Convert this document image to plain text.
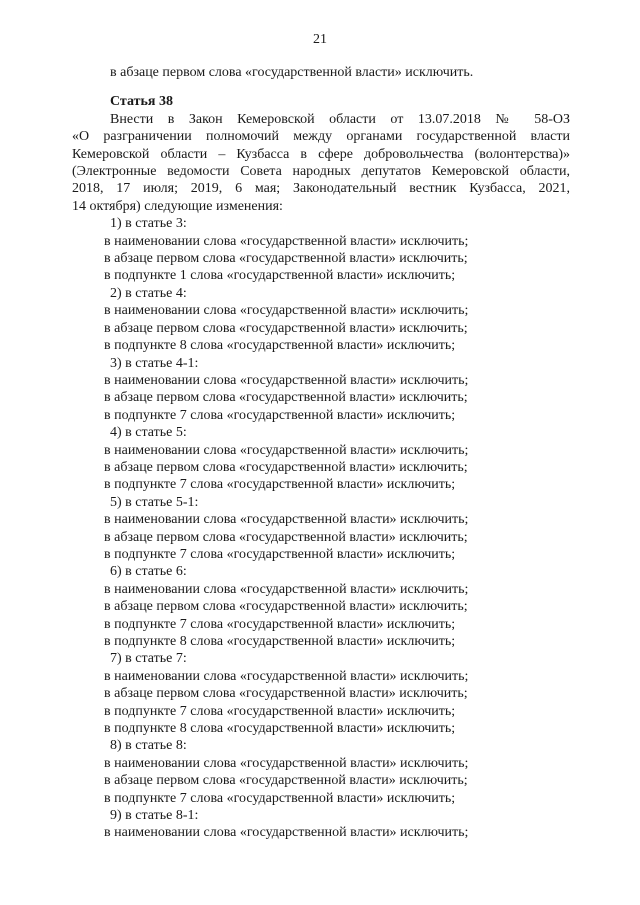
21

в абзаце первом слова «государственной власти» исключить.

Статья 38

Внести в Закон Кемеровской области от 13.07.2018 № 58-ОЗ
«О разграничении полномочий между органами государственной власти
Кемеровской области – Кузбасса в сфере добровольчества (волонтерства)»
(Электронные ведомости Совета народных депутатов Кемеровской области,
2018, 17 июля; 2019, 6 мая; Законодательный вестник Кузбасса, 2021,
14 октября) следующие изменения:

1) в статье 3:
в наименовании слова «государственной власти» исключить;
в абзаце первом слова «государственной власти» исключить;
в подпункте 1 слова «государственной власти» исключить;
2) в статье 4:
в наименовании слова «государственной власти» исключить;
в абзаце первом слова «государственной власти» исключить;
в подпункте 8 слова «государственной власти» исключить;
3) в статье 4-1:
в наименовании слова «государственной власти» исключить;
в абзаце первом слова «государственной власти» исключить;
в подпункте 7 слова «государственной власти» исключить;
4) в статье 5:
в наименовании слова «государственной власти» исключить;
в абзаце первом слова «государственной власти» исключить;
в подпункте 7 слова «государственной власти» исключить;
5) в статье 5-1:
в наименовании слова «государственной власти» исключить;
в абзаце первом слова «государственной власти» исключить;
в подпункте 7 слова «государственной власти» исключить;
6) в статье 6:
в наименовании слова «государственной власти» исключить;
в абзаце первом слова «государственной власти» исключить;
в подпункте 7 слова «государственной власти» исключить;
в подпункте 8 слова «государственной власти» исключить;
7) в статье 7:
в наименовании слова «государственной власти» исключить;
в абзаце первом слова «государственной власти» исключить;
в подпункте 7 слова «государственной власти» исключить;
в подпункте 8 слова «государственной власти» исключить;
8) в статье 8:
в наименовании слова «государственной власти» исключить;
в абзаце первом слова «государственной власти» исключить;
в подпункте 7 слова «государственной власти» исключить;
9) в статье 8-1:
в наименовании слова «государственной власти» исключить;
